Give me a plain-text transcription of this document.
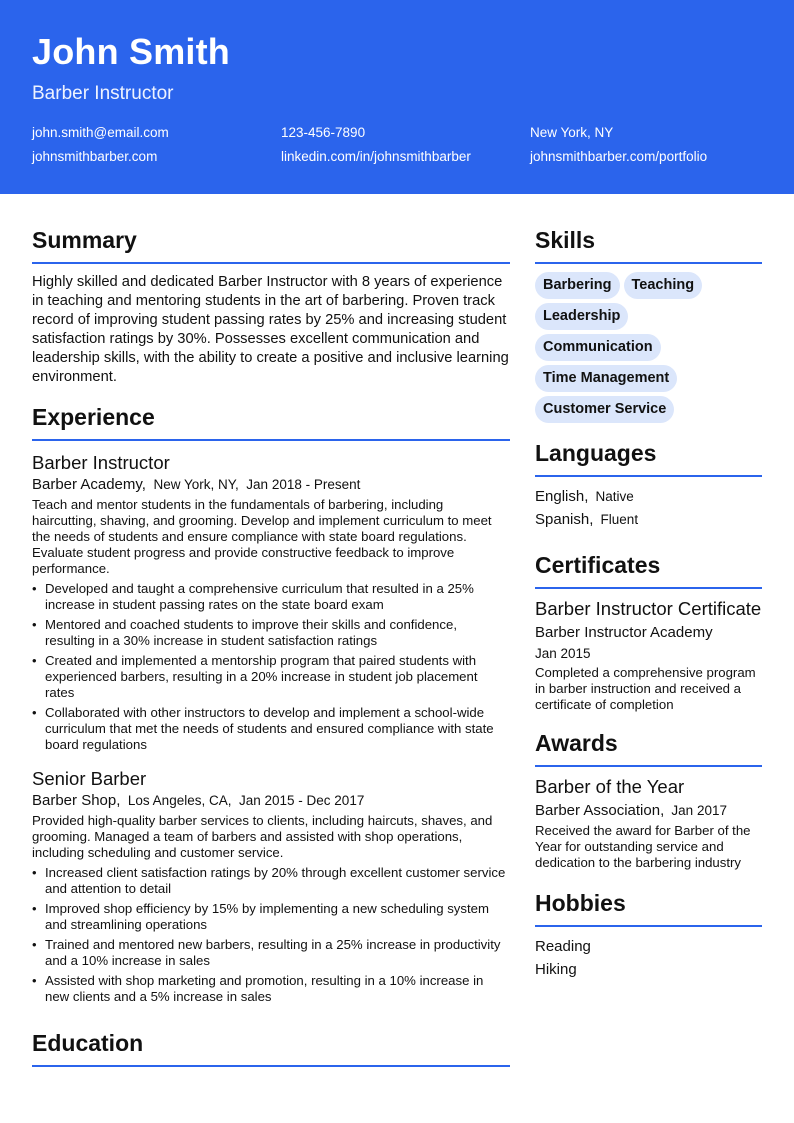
John Smith
Barber Instructor
john.smith@email.com	123-456-7890	New York, NY
johnsmithbarber.com	linkedin.com/in/johnsmithbarber	johnsmithbarber.com/portfolio
Summary
Highly skilled and dedicated Barber Instructor with 8 years of experience in teaching and mentoring students in the art of barbering. Proven track record of improving student passing rates by 25% and increasing student satisfaction ratings by 30%. Possesses excellent communication and leadership skills, with the ability to create a positive and inclusive learning environment.
Experience
Barber Instructor
Barber Academy, New York, NY, Jan 2018 - Present
Teach and mentor students in the fundamentals of barbering, including haircutting, shaving, and grooming. Develop and implement curriculum to meet the needs of students and ensure compliance with state board regulations. Evaluate student progress and provide constructive feedback to improve performance.
• Developed and taught a comprehensive curriculum that resulted in a 25% increase in student passing rates on the state board exam
• Mentored and coached students to improve their skills and confidence, resulting in a 30% increase in student satisfaction ratings
• Created and implemented a mentorship program that paired students with experienced barbers, resulting in a 20% increase in student job placement rates
• Collaborated with other instructors to develop and implement a school-wide curriculum that met the needs of students and ensured compliance with state board regulations
Senior Barber
Barber Shop, Los Angeles, CA, Jan 2015 - Dec 2017
Provided high-quality barber services to clients, including haircuts, shaves, and grooming. Managed a team of barbers and assisted with shop operations, including scheduling and customer service.
• Increased client satisfaction ratings by 20% through excellent customer service and attention to detail
• Improved shop efficiency by 15% by implementing a new scheduling system and streamlining operations
• Trained and mentored new barbers, resulting in a 25% increase in productivity and a 10% increase in sales
• Assisted with shop marketing and promotion, resulting in a 10% increase in new clients and a 5% increase in sales
Education
Skills
Barbering Teaching
Leadership
Communication
Time Management
Customer Service
Languages
English, Native
Spanish, Fluent
Certificates
Barber Instructor Certificate
Barber Instructor Academy
Jan 2015
Completed a comprehensive program in barber instruction and received a certificate of completion
Awards
Barber of the Year
Barber Association, Jan 2017
Received the award for Barber of the Year for outstanding service and dedication to the barbering industry
Hobbies
Reading
Hiking
